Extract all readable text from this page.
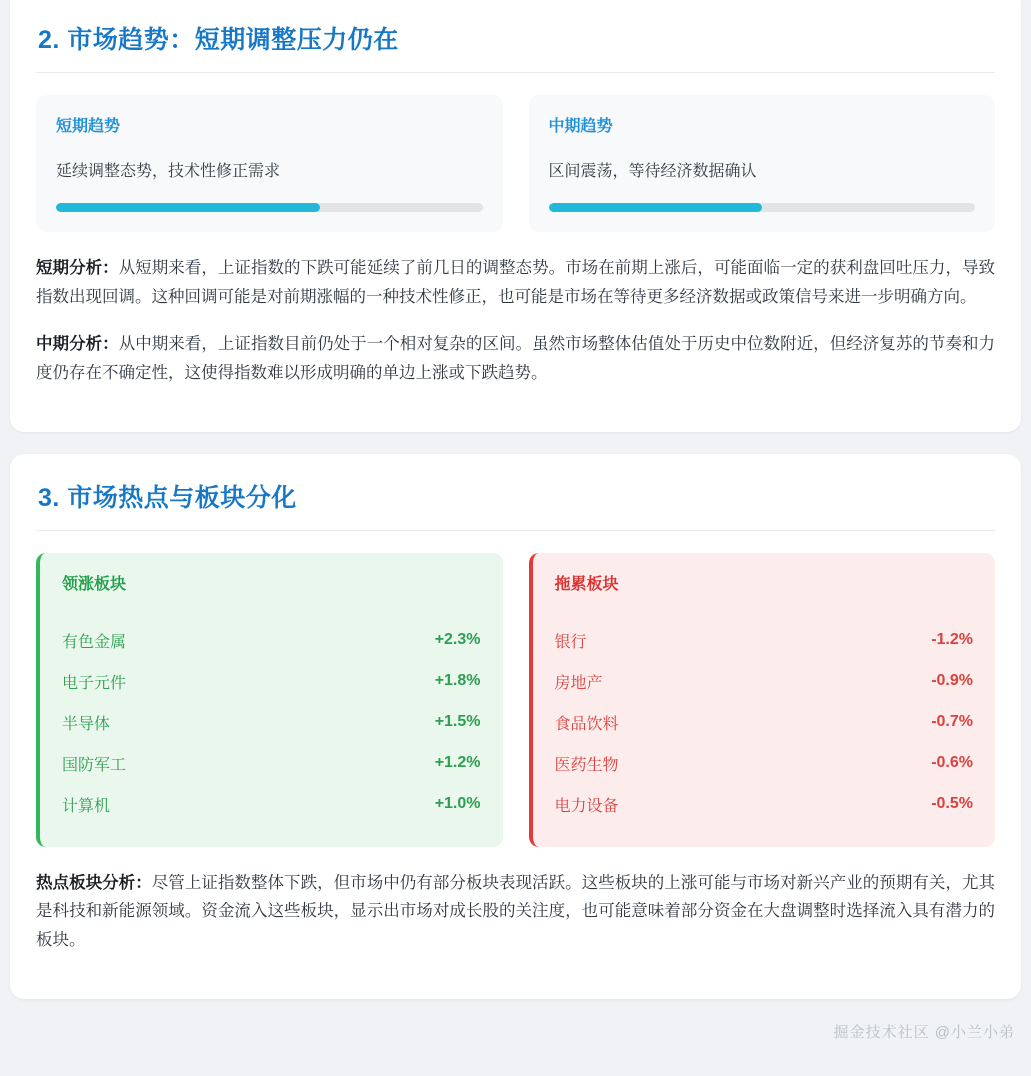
2. 市场趋势：短期调整压力仍在
短期趋势
延续调整态势，技术性修正需求
中期趋势
区间震荡，等待经济数据确认

短期分析：从短期来看，上证指数的下跌可能延续了前几日的调整态势。市场在前期上涨后，可能面临一定的获利盘回吐压力，导致指数出现回调。这种回调可能是对前期涨幅的一种技术性修正，也可能是市场在等待更多经济数据或政策信号来进一步明确方向。

中期分析：从中期来看，上证指数目前仍处于一个相对复杂的区间。虽然市场整体估值处于历史中位数附近，但经济复苏的节奏和力度仍存在不确定性，这使得指数难以形成明确的单边上涨或下跌趋势。

3. 市场热点与板块分化
领涨板块
有色金属	+2.3%
电子元件	+1.8%
半导体	+1.5%
国防军工	+1.2%
计算机	+1.0%
拖累板块
银行	-1.2%
房地产	-0.9%
食品饮料	-0.7%
医药生物	-0.6%
电力设备	-0.5%

热点板块分析：尽管上证指数整体下跌，但市场中仍有部分板块表现活跃。这些板块的上涨可能与市场对新兴产业的预期有关，尤其是科技和新能源领域。资金流入这些板块，显示出市场对成长股的关注度，也可能意味着部分资金在大盘调整时选择流入具有潜力的板块。

掘金技术社区 @小兰小弟
